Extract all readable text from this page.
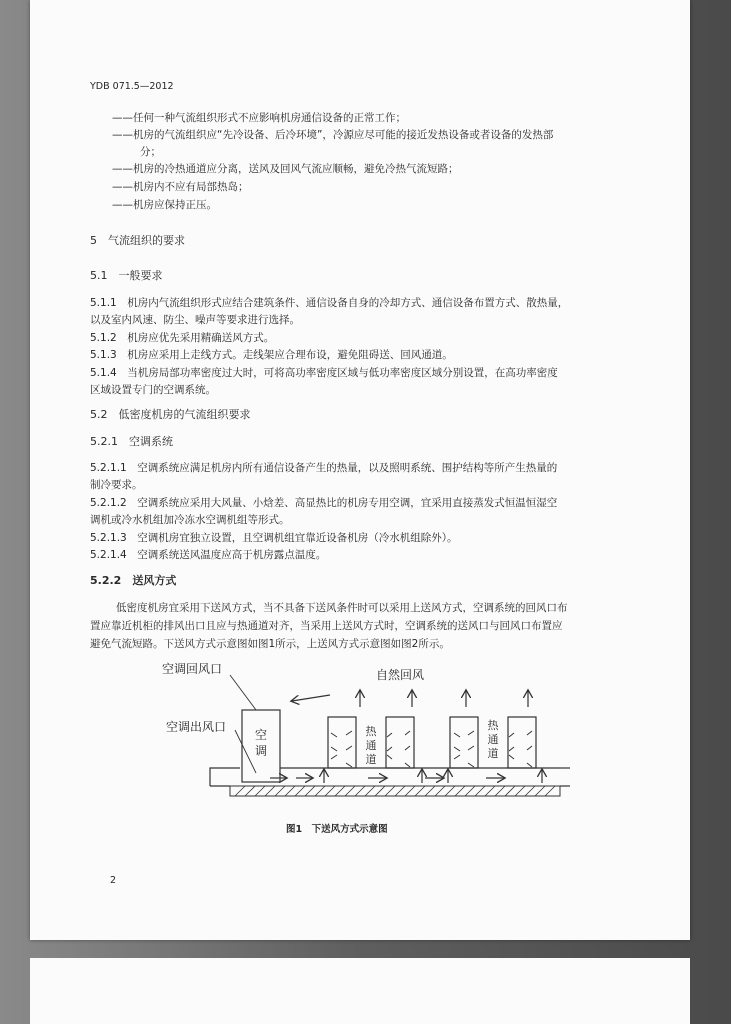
YDB 071.5—2012
——任何一种气流组织形式不应影响机房通信设备的正常工作；
——机房的气流组织应“先冷设备、后冷环境”，冷源应尽可能的接近发热设备或者设备的发热部
分；
——机房的冷热通道应分离，送风及回风气流应顺畅，避免冷热气流短路；
——机房内不应有局部热岛；
——机房应保持正压。
5　气流组织的要求
5.1　一般要求
5.1.1　机房内气流组织形式应结合建筑条件、通信设备自身的冷却方式、通信设备布置方式、散热量，
以及室内风速、防尘、噪声等要求进行选择。
5.1.2　机房应优先采用精确送风方式。
5.1.3　机房应采用上走线方式。走线架应合理布设，避免阻碍送、回风通道。
5.1.4　当机房局部功率密度过大时，可将高功率密度区域与低功率密度区域分别设置，在高功率密度
区域设置专门的空调系统。
5.2　低密度机房的气流组织要求
5.2.1　空调系统
5.2.1.1　空调系统应满足机房内所有通信设备产生的热量，以及照明系统、围护结构等所产生热量的
制冷要求。
5.2.1.2　空调系统应采用大风量、小焓差、高显热比的机房专用空调，宜采用直接蒸发式恒温恒湿空
调机或冷水机组加冷冻水空调机组等形式。
5.2.1.3　空调机房宜独立设置，且空调机组宜靠近设备机房（冷水机组除外）。
5.2.1.4　空调系统送风温度应高于机房露点温度。
5.2.2　送风方式
低密度机房宜采用下送风方式，当不具备下送风条件时可以采用上送风方式，空调系统的回风口布
置应靠近机柜的排风出口且应与热通道对齐，当采用上送风方式时，空调系统的送风口与回风口布置应
避免气流短路。下送风方式示意图如图1所示，上送风方式示意图如图2所示。
空
调
热
通
道
热
通
道
空调回风口	自然回风
空调出风口
图1　下送风方式示意图
2
